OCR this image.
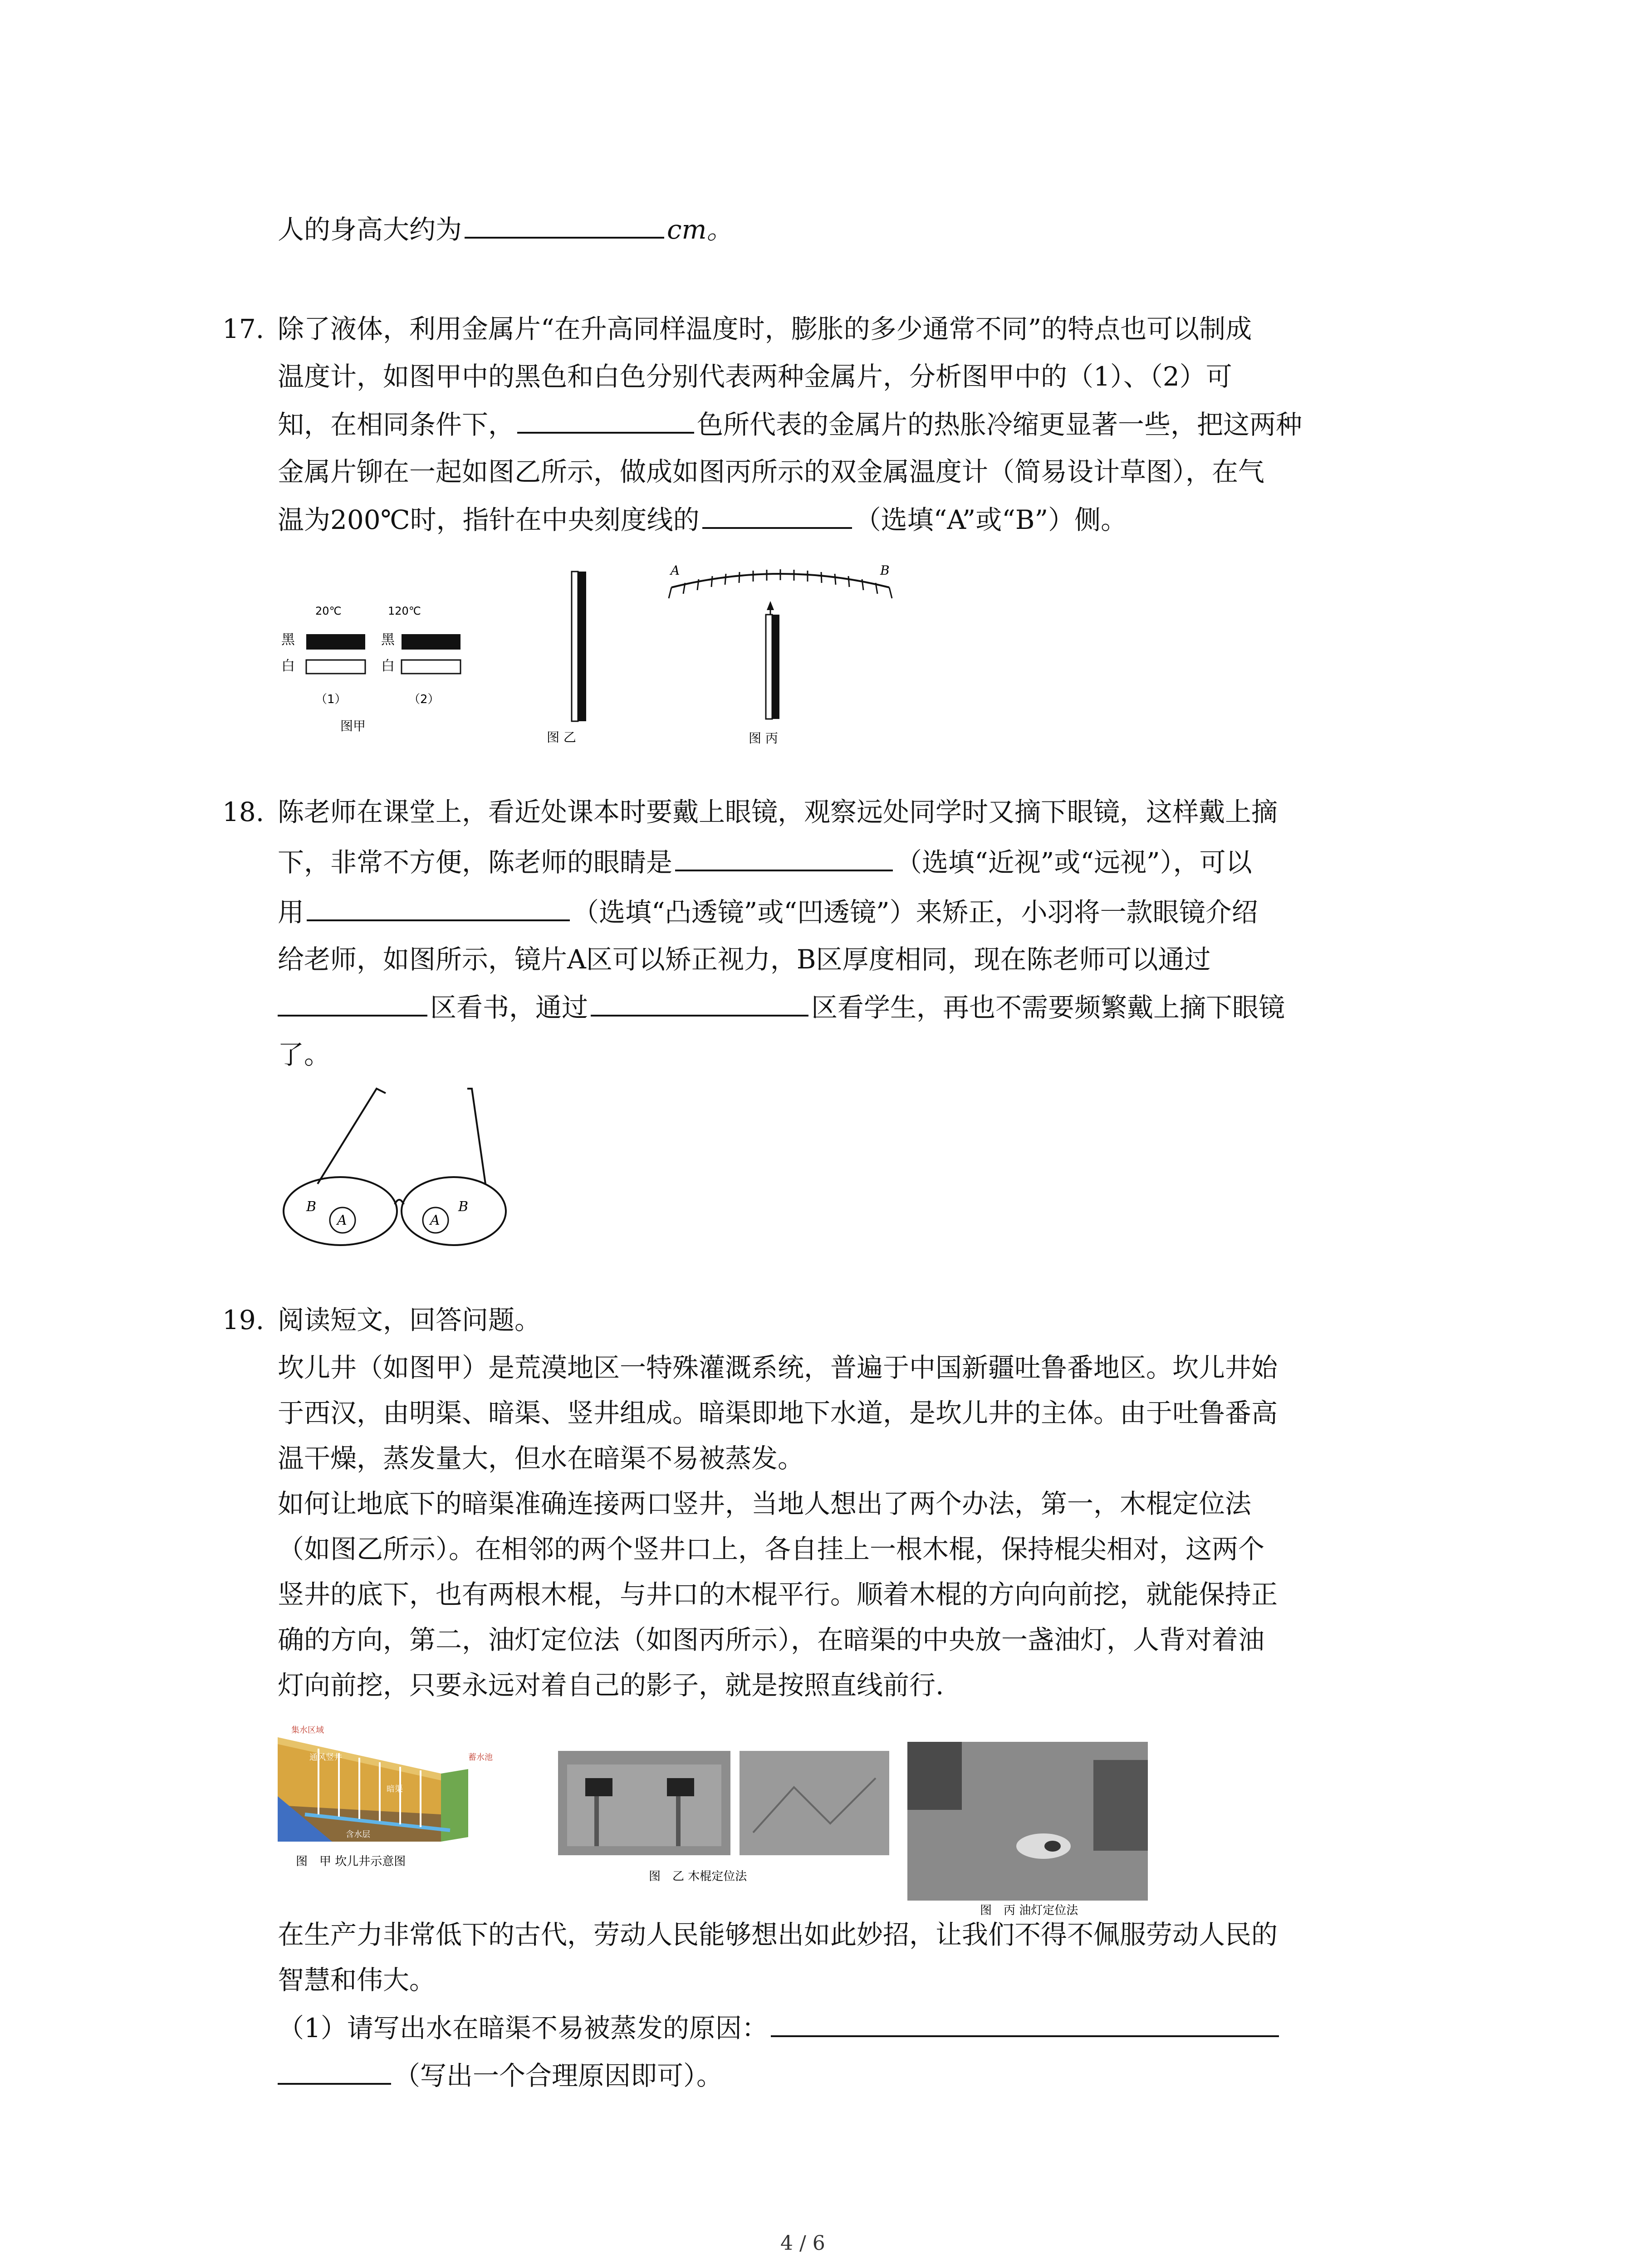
人的身高大约为	cm。
17. 除了液体，利用金属片“在升高同样温度时，膨胀的多少通常不同”的特点也可以制成
温度计，如图甲中的黑色和白色分别代表两种金属片，分析图甲中的（1）、（2）可
知，在相同条件下，	色所代表的金属片的热胀冷缩更显著一些，把这两种
金属片铆在一起如图乙所示，做成如图丙所示的双金属温度计（简易设计草图），在气
温为200℃时，指针在中央刻度线的	（选填“A”或“B”）侧。
20℃	120℃
黑
白
黑
白
（1）	（2）
图甲
图 乙
A	B
图 丙
18. 陈老师在课堂上，看近处课本时要戴上眼镜，观察远处同学时又摘下眼镜，这样戴上摘
下，非常不方便，陈老师的眼睛是	（选填“近视”或“远视”），可以
用	（选填“凸透镜”或“凹透镜”）来矫正，小羽将一款眼镜介绍
给老师，如图所示，镜片A区可以矫正视力，B区厚度相同，现在陈老师可以通过
区看书，通过	区看学生，再也不需要频繁戴上摘下眼镜
了。
A	A
B	B
19. 阅读短文，回答问题。
坎儿井（如图甲）是荒漠地区一特殊灌溉系统，普遍于中国新疆吐鲁番地区。坎儿井始
于西汉，由明渠、暗渠、竖井组成。暗渠即地下水道，是坎儿井的主体。由于吐鲁番高
温干燥，蒸发量大，但水在暗渠不易被蒸发。
如何让地底下的暗渠准确连接两口竖井，当地人想出了两个办法，第一，木棍定位法
（如图乙所示）。在相邻的两个竖井口上，各自挂上一根木棍，保持棍尖相对，这两个
竖井的底下，也有两根木棍，与井口的木棍平行。顺着木棍的方向向前挖，就能保持正
确的方向，第二，油灯定位法（如图丙所示），在暗渠的中央放一盏油灯，人背对着油
灯向前挖，只要永远对着自己的影子，就是按照直线前行.
集水区域
通风竖井
暗渠
蓄水池
含水层
图　甲 坎儿井示意图
图　乙 木棍定位法
图　丙 油灯定位法
在生产力非常低下的古代，劳动人民能够想出如此妙招，让我们不得不佩服劳动人民的
智慧和伟大。
（1）请写出水在暗渠不易被蒸发的原因：
（写出一个合理原因即可）。
4 / 6
